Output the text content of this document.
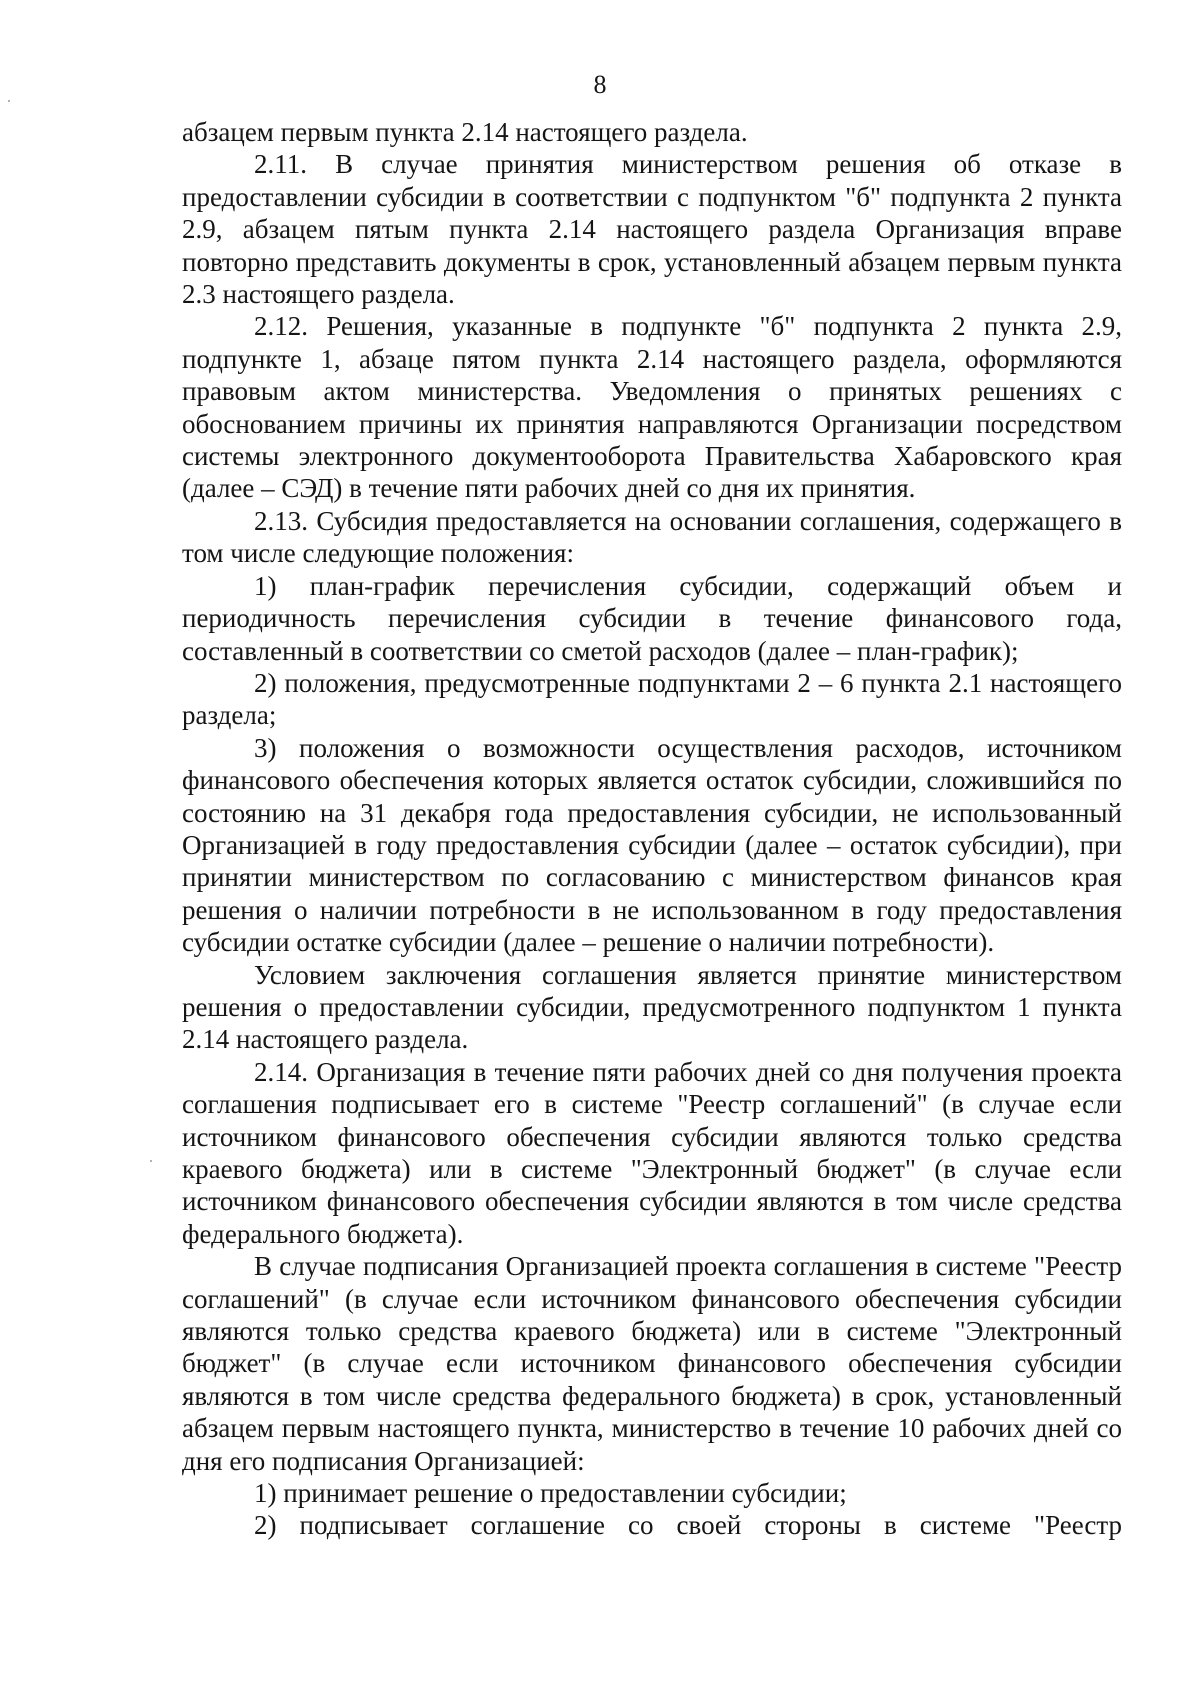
8

абзацем первым пункта 2.14 настоящего раздела.

2.11. В случае принятия министерством решения об отказе в предоставлении субсидии в соответствии с подпунктом "б" подпункта 2 пункта 2.9, абзацем пятым пункта 2.14 настоящего раздела Организация вправе повторно представить документы в срок, установленный абзацем первым пункта 2.3 настоящего раздела.

2.12. Решения, указанные в подпункте "б" подпункта 2 пункта 2.9, подпункте 1, абзаце пятом пункта 2.14 настоящего раздела, оформляются правовым актом министерства. Уведомления о принятых решениях с обоснованием причины их принятия направляются Организации посредством системы электронного документооборота Правительства Хабаровского края (далее – СЭД) в течение пяти рабочих дней со дня их принятия.

2.13. Субсидия предоставляется на основании соглашения, содержащего в том числе следующие положения:

1) план-график перечисления субсидии, содержащий объем и периодичность перечисления субсидии в течение финансового года, составленный в соответствии со сметой расходов (далее – план-график);

2) положения, предусмотренные подпунктами 2 – 6 пункта 2.1 настоящего раздела;

3) положения о возможности осуществления расходов, источником финансового обеспечения которых является остаток субсидии, сложившийся по состоянию на 31 декабря года предоставления субсидии, не использованный Организацией в году предоставления субсидии (далее – остаток субсидии), при принятии министерством по согласованию с министерством финансов края решения о наличии потребности в не использованном в году предоставления субсидии остатке субсидии (далее – решение о наличии потребности).

Условием заключения соглашения является принятие министерством решения о предоставлении субсидии, предусмотренного подпунктом 1 пункта 2.14 настоящего раздела.

2.14. Организация в течение пяти рабочих дней со дня получения проекта соглашения подписывает его в системе "Реестр соглашений" (в случае если источником финансового обеспечения субсидии являются только средства краевого бюджета) или в системе "Электронный бюджет" (в случае если источником финансового обеспечения субсидии являются в том числе средства федерального бюджета).

В случае подписания Организацией проекта соглашения в системе "Реестр соглашений" (в случае если источником финансового обеспечения субсидии являются только средства краевого бюджета) или в системе "Электронный бюджет" (в случае если источником финансового обеспечения субсидии являются в том числе средства федерального бюджета) в срок, установленный абзацем первым настоящего пункта, министерство в течение 10 рабочих дней со дня его подписания Организацией:

1) принимает решение о предоставлении субсидии;

2) подписывает соглашение со своей стороны в системе "Реестр
